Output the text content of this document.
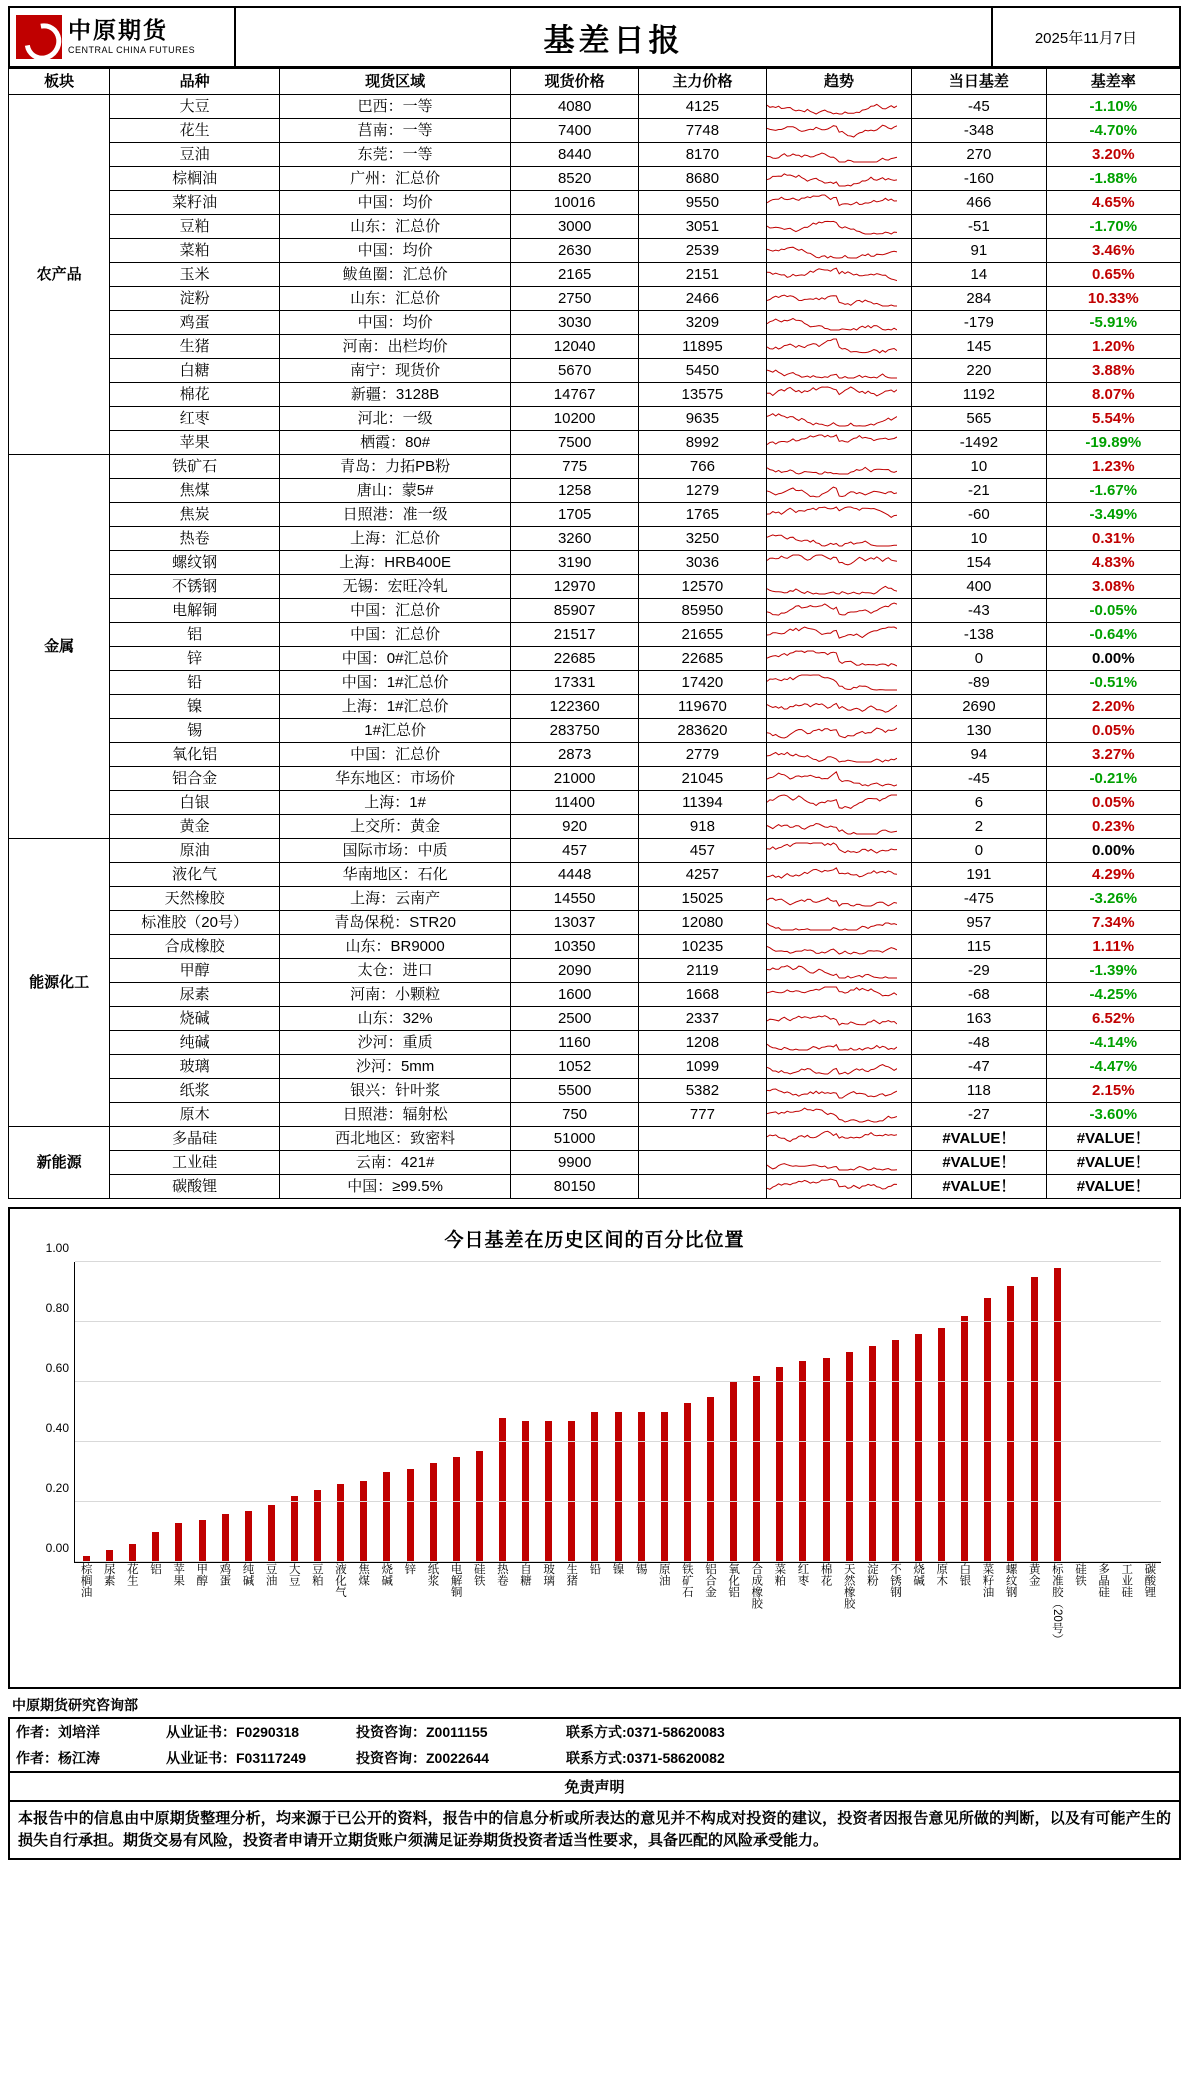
中原期货
CENTRAL CHINA FUTURES	基差日报	2025年11月7日
板块	品种	现货区域	现货价格	主力价格	趋势	当日基差	基差率
农产品	大豆	巴西：一等	4080	4125		-45	-1.10%
	花生	莒南：一等	7400	7748		-348	-4.70%
	豆油	东莞：一等	8440	8170		270	3.20%
	棕榈油	广州：汇总价	8520	8680		-160	-1.88%
	菜籽油	中国：均价	10016	9550		466	4.65%
	豆粕	山东：汇总价	3000	3051		-51	-1.70%
	菜粕	中国：均价	2630	2539		91	3.46%
	玉米	鲅鱼圈：汇总价	2165	2151		14	0.65%
	淀粉	山东：汇总价	2750	2466		284	10.33%
	鸡蛋	中国：均价	3030	3209		-179	-5.91%
	生猪	河南：出栏均价	12040	11895		145	1.20%
	白糖	南宁：现货价	5670	5450		220	3.88%
	棉花	新疆：3128B	14767	13575		1192	8.07%
	红枣	河北：一级	10200	9635		565	5.54%
	苹果	栖霞：80#	7500	8992		-1492	-19.89%
金属	铁矿石	青岛：力拓PB粉	775	766		10	1.23%
	焦煤	唐山：蒙5#	1258	1279		-21	-1.67%
	焦炭	日照港：准一级	1705	1765		-60	-3.49%
	热卷	上海：汇总价	3260	3250		10	0.31%
	螺纹钢	上海：HRB400E	3190	3036		154	4.83%
	不锈钢	无锡：宏旺冷轧	12970	12570		400	3.08%
	电解铜	中国：汇总价	85907	85950		-43	-0.05%
	铝	中国：汇总价	21517	21655		-138	-0.64%
	锌	中国：0#汇总价	22685	22685		0	0.00%
	铅	中国：1#汇总价	17331	17420		-89	-0.51%
	镍	上海：1#汇总价	122360	119670		2690	2.20%
	锡	1#汇总价	283750	283620		130	0.05%
	氧化铝	中国：汇总价	2873	2779		94	3.27%
	铝合金	华东地区：市场价	21000	21045		-45	-0.21%
	白银	上海：1#	11400	11394		6	0.05%
	黄金	上交所：黄金	920	918		2	0.23%
能源化工	原油	国际市场：中质	457	457		0	0.00%
	液化气	华南地区：石化	4448	4257		191	4.29%
	天然橡胶	上海：云南产	14550	15025		-475	-3.26%
	标准胶（20号）	青岛保税：STR20	13037	12080		957	7.34%
	合成橡胶	山东：BR9000	10350	10235		115	1.11%
	甲醇	太仓：进口	2090	2119		-29	-1.39%
	尿素	河南：小颗粒	1600	1668		-68	-4.25%
	烧碱	山东：32%	2500	2337		163	6.52%
	纯碱	沙河：重质	1160	1208		-48	-4.14%
	玻璃	沙河：5mm	1052	1099		-47	-4.47%
	纸浆	银兴：针叶浆	5500	5382		118	2.15%
	原木	日照港：辐射松	750	777		-27	-3.60%
新能源	多晶硅	西北地区：致密料	51000			#VALUE！	#VALUE！
	工业硅	云南：421#	9900			#VALUE！	#VALUE！
	碳酸锂	中国：≥99.5%	80150			#VALUE！	#VALUE！
今日基差在历史区间的百分比位置
0.00
0.20
0.40
0.60
0.80
1.00
棕榈油 尿素 花生 铝 苹果 甲醇 鸡蛋 纯碱 豆油 大豆 豆粕 液化气 焦煤 烧碱 锌 纸浆 电解铜 硅铁 热卷 自糖 玻璃 生猪 铅 镍 锡 原油 铁矿石 铝合金 氧化铝 合成橡胶 菜粕 红枣 棉花 天然橡胶 淀粉 不锈钢 烧碱 原木 白银 菜籽油 螺纹钢 黄金 标准胶（20号） 硅铁 多晶硅 工业硅 碳酸锂
中原期货研究咨询部
作者：刘培洋	从业证书：F0290318	投资咨询：Z0011155	联系方式:0371-58620083
作者：杨江涛	从业证书：F03117249	投资咨询：Z0022644	联系方式:0371-58620082
免责声明
本报告中的信息由中原期货整理分析，均来源于已公开的资料，报告中的信息分析或所表达的意见并不构成对投资的建议，投资者因报告意见所做的判断，以及有可能产生的损失自行承担。期货交易有风险，投资者申请开立期货账户须满足证券期货投资者适当性要求，具备匹配的风险承受能力。
